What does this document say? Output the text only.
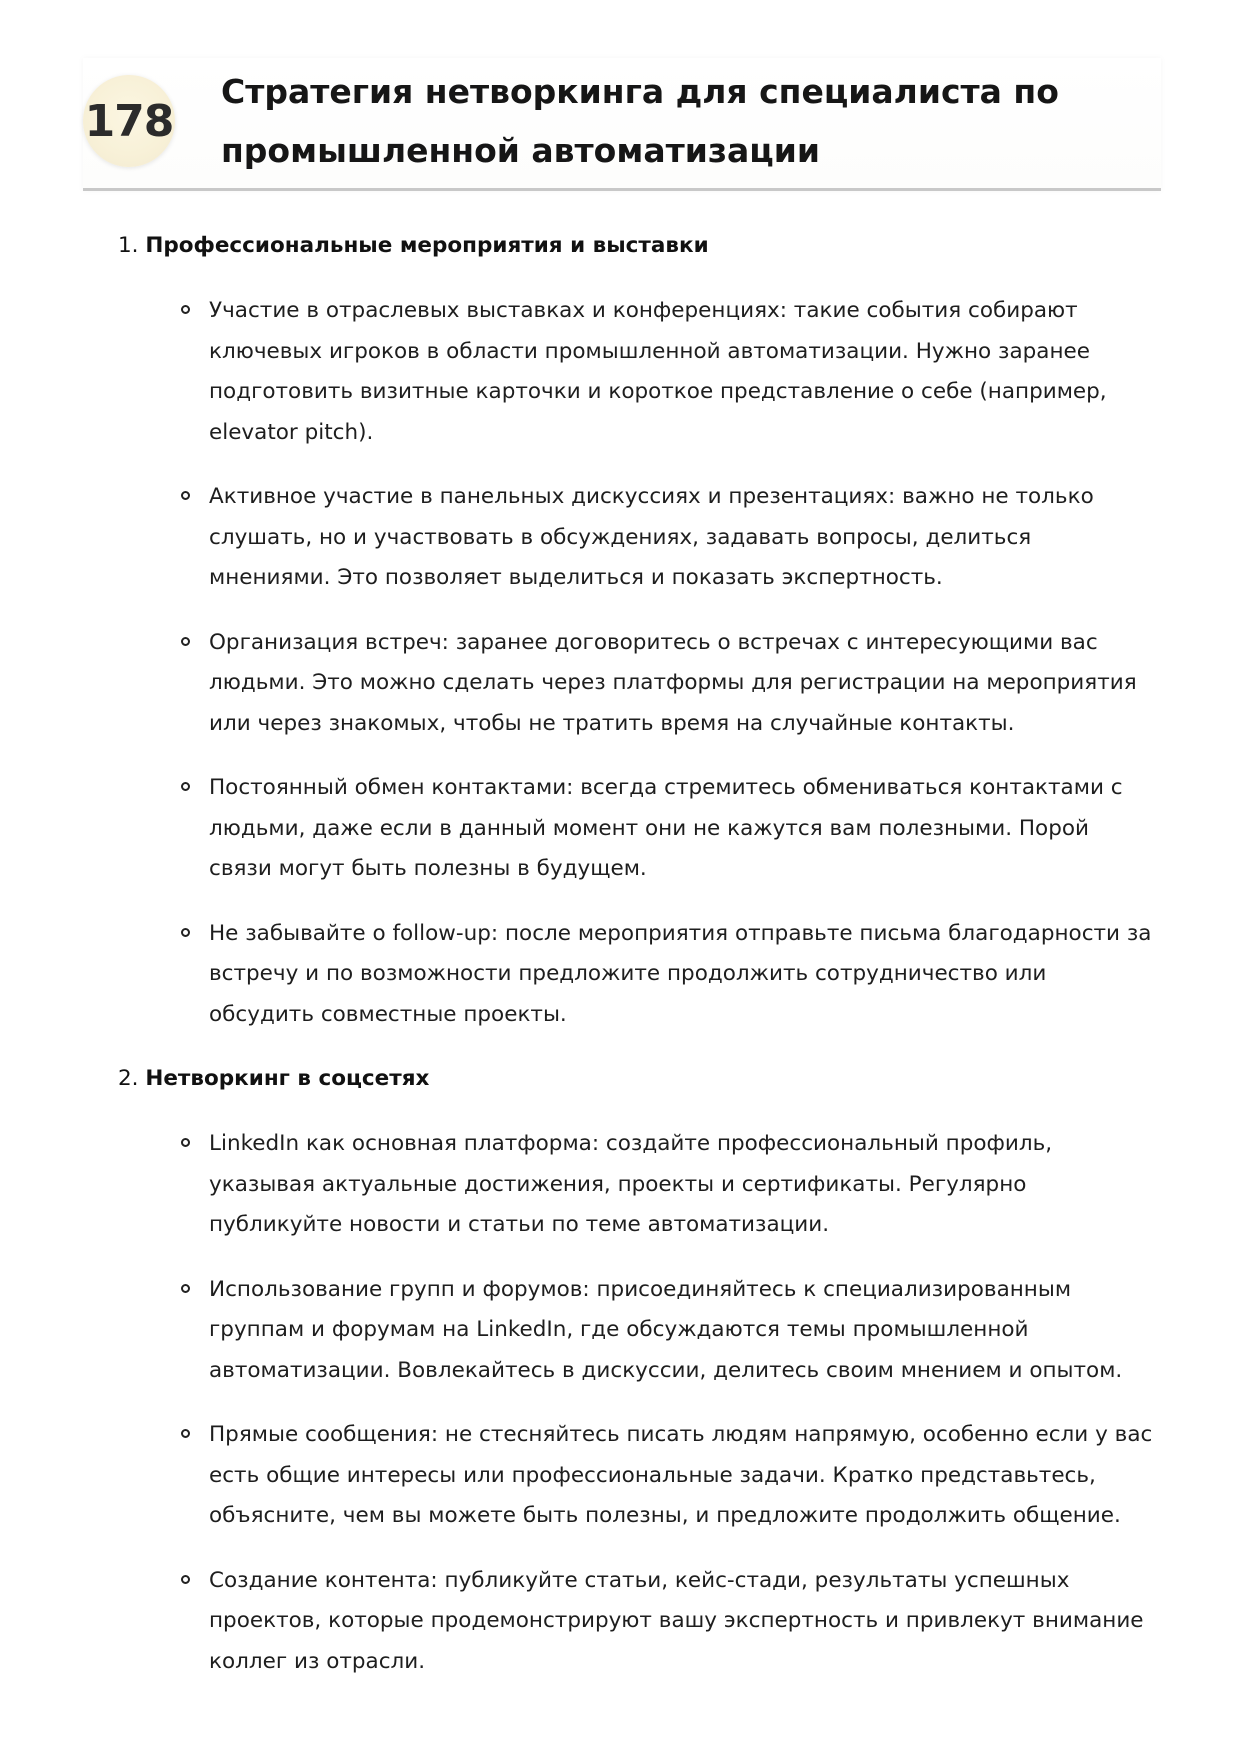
178
Стратегия нетворкинга для специалиста по
промышленной автоматизации

1. Профессиональные мероприятия и выставки

Участие в отраслевых выставках и конференциях: такие события собирают ключевых игроков в области промышленной автоматизации. Нужно заранее подготовить визитные карточки и короткое представление о себе (например, elevator pitch).
Активное участие в панельных дискуссиях и презентациях: важно не только слушать, но и участвовать в обсуждениях, задавать вопросы, делиться мнениями. Это позволяет выделиться и показать экспертность.
Организация встреч: заранее договоритесь о встречах с интересующими вас людьми. Это можно сделать через платформы для регистрации на мероприятия или через знакомых, чтобы не тратить время на случайные контакты.
Постоянный обмен контактами: всегда стремитесь обмениваться контактами с людьми, даже если в данный момент они не кажутся вам полезными. Порой связи могут быть полезны в будущем.
Не забывайте о follow-up: после мероприятия отправьте письма благодарности за встречу и по возможности предложите продолжить сотрудничество или обсудить совместные проекты.

2. Нетворкинг в соцсетях

LinkedIn как основная платформа: создайте профессиональный профиль, указывая актуальные достижения, проекты и сертификаты. Регулярно публикуйте новости и статьи по теме автоматизации.
Использование групп и форумов: присоединяйтесь к специализированным группам и форумам на LinkedIn, где обсуждаются темы промышленной автоматизации. Вовлекайтесь в дискуссии, делитесь своим мнением и опытом.
Прямые сообщения: не стесняйтесь писать людям напрямую, особенно если у вас есть общие интересы или профессиональные задачи. Кратко представьтесь, объясните, чем вы можете быть полезны, и предложите продолжить общение.
Создание контента: публикуйте статьи, кейс-стади, результаты успешных проектов, которые продемонстрируют вашу экспертность и привлекут внимание коллег из отрасли.
